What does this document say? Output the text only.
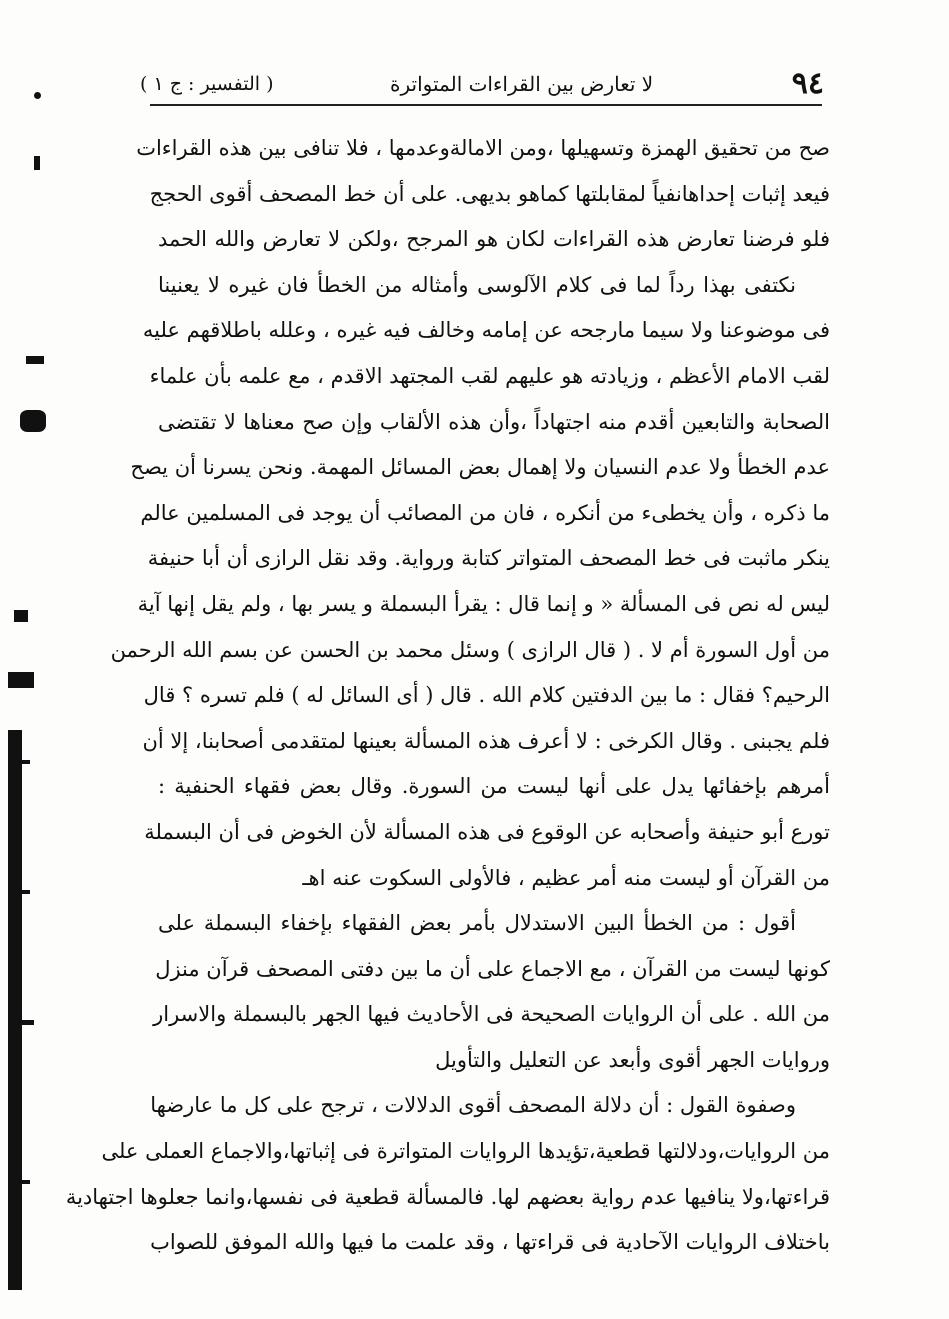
٩٤
لا تعارض بين القراءات المتواترة
( التفسير : ج ١ )
صح من تحقيق الهمزة وتسهيلها ،ومن الامالةوعدمها ، فلا تنافى بين هذه القراءات
فيعد إثبات إحداهانفياً لمقابلتها كماهو بديهى. على أن خط المصحف أقوى الحجج
فلو فرضنا تعارض هذه القراءات لكان هو المرجح ،ولكن لا تعارض والله الحمد
نكتفى بهذا رداً لما فى كلام الآلوسى وأمثاله من الخطأ فان غيره لا يعنينا
فى موضوعنا ولا سيما مارجحه عن إمامه وخالف فيه غيره ، وعلله باطلاقهم عليه
لقب الامام الأعظم ، وزيادته هو عليهم لقب المجتهد الاقدم ، مع علمه بأن علماء
الصحابة والتابعين أقدم منه اجتهاداً ،وأن هذه الألقاب وإن صح معناها لا تقتضى
عدم الخطأ ولا عدم النسيان ولا إهمال بعض المسائل المهمة. ونحن يسرنا أن يصح
ما ذكره ، وأن يخطىء من أنكره ، فان من المصائب أن يوجد فى المسلمين عالم
ينكر ماثبت فى خط المصحف المتواتر كتابة ورواية. وقد نقل الرازى أن أبا حنيفة
ليس له نص فى المسألة « و إنما قال : يقرأ البسملة و يسر بها ، ولم يقل إنها آية
من أول السورة أم لا . ( قال الرازى ) وسئل محمد بن الحسن عن بسم الله الرحمن
الرحيم؟ فقال : ما بين الدفتين كلام الله . قال ( أى السائل له ) فلم تسره ؟ قال
فلم يجبنى . وقال الكرخى : لا أعرف هذه المسألة بعينها لمتقدمى أصحابنا، إلا أن
أمرهم بإخفائها يدل على أنها ليست من السورة. وقال بعض فقهاء الحنفية :
تورع أبو حنيفة وأصحابه عن الوقوع فى هذه المسألة لأن الخوض فى أن البسملة
من القرآن أو ليست منه أمر عظيم ، فالأولى السكوت عنه اهـ
أقول : من الخطأ البين الاستدلال بأمر بعض الفقهاء بإخفاء البسملة على
كونها ليست من القرآن ، مع الاجماع على أن ما بين دفتى المصحف قرآن منزل
من الله . على أن الروايات الصحيحة فى الأحاديث فيها الجهر بالبسملة والاسرار
وروايات الجهر أقوى وأبعد عن التعليل والتأويل
وصفوة القول : أن دلالة المصحف أقوى الدلالات ، ترجح على كل ما عارضها
من الروايات،ودلالتها قطعية،تؤيدها الروايات المتواترة فى إثباتها،والاجماع العملى على
قراءتها،ولا ينافيها عدم رواية بعضهم لها. فالمسألة قطعية فى نفسها،وانما جعلوها اجتهادية
باختلاف الروايات الآحادية فى قراءتها ، وقد علمت ما فيها والله الموفق للصواب
